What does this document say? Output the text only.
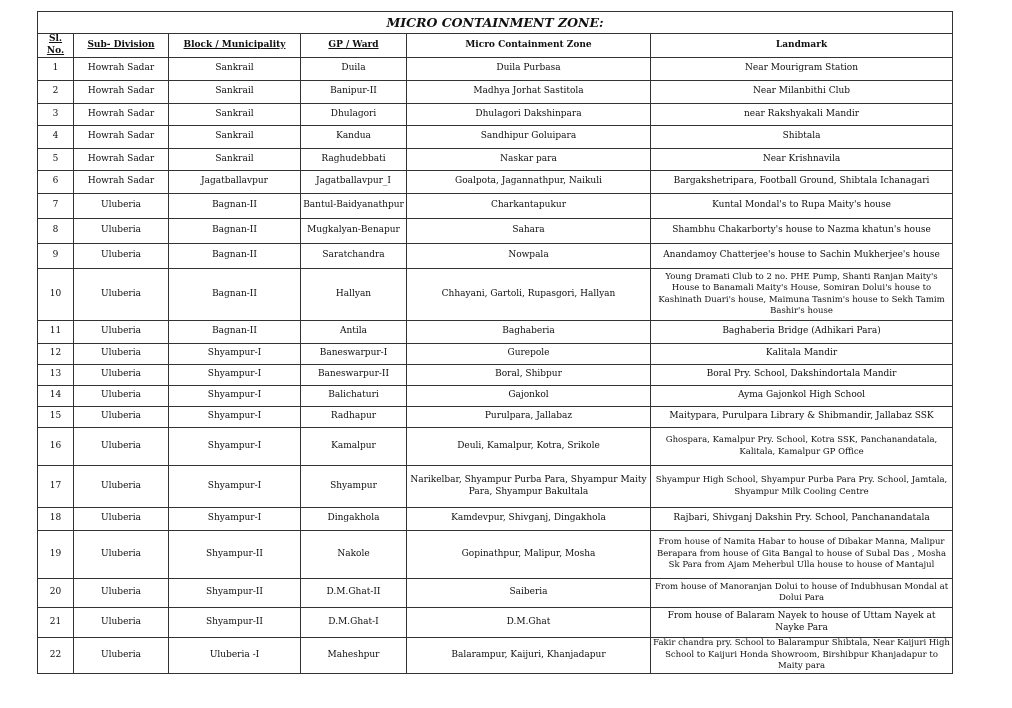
MICRO CONTAINMENT ZONE:					
Sl. No.	Sub- Division	Block / Municipality	GP / Ward	Micro Containment Zone	Landmark
1	Howrah Sadar	Sankrail	Duila	Duila Purbasa	Near Mourigram Station
2	Howrah Sadar	Sankrail	Banipur-II	Madhya Jorhat Sastitola	Near Milanbithi Club
3	Howrah Sadar	Sankrail	Dhulagori	Dhulagori Dakshinpara	near Rakshyakali Mandir
4	Howrah Sadar	Sankrail	Kandua	Sandhipur Goluipara	Shibtala
5	Howrah Sadar	Sankrail	Raghudebbati	Naskar para	Near Krishnavila
6	Howrah Sadar	Jagatballavpur	Jagatballavpur_I	Goalpota, Jagannathpur, Naikuli	Bargakshetripara, Football Ground, Shibtala Ichanagari
7	Uluberia	Bagnan-II	Bantul-Baidyanathpur	Charkantapukur	Kuntal Mondal's to Rupa Maity's house
8	Uluberia	Bagnan-II	Mugkalyan-Benapur	Sahara	Shambhu Chakarborty's house to Nazma khatun's house
9	Uluberia	Bagnan-II	Saratchandra	Nowpala	Anandamoy Chatterjee's house to Sachin Mukherjee's house
10	Uluberia	Bagnan-II	Hallyan	Chhayani, Gartoli, Rupasgori, Hallyan	Young Dramati Club to 2 no. PHE Pump, Shanti Ranjan Maity's House to Banamali Maity's House, Somiran Dolui's house to Kashinath Duari's house, Maimuna Tasnim's house to Sekh Tamim Bashir's house
11	Uluberia	Bagnan-II	Antila	Baghaberia	Baghaberia Bridge (Adhikari Para)
12	Uluberia	Shyampur-I	Baneswarpur-I	Gurepole	Kalitala Mandir
13	Uluberia	Shyampur-I	Baneswarpur-II	Boral, Shibpur	Boral Pry. School, Dakshindortala Mandir
14	Uluberia	Shyampur-I	Balichaturi	Gajonkol	Ayma Gajonkol High School
15	Uluberia	Shyampur-I	Radhapur	Purulpara, Jallabaz	Maitypara, Purulpara Library & Shibmandir, Jallabaz SSK
16	Uluberia	Shyampur-I	Kamalpur	Deuli, Kamalpur, Kotra, Srikole	Ghospara, Kamalpur Pry. School, Kotra SSK, Panchanandatala, Kalitala, Kamalpur GP Office
17	Uluberia	Shyampur-I	Shyampur	Narikelbar, Shyampur Purba Para, Shyampur Maity Para, Shyampur Bakultala	Shyampur High School, Shyampur Purba Para Pry. School, Jamtala, Shyampur Milk Cooling Centre
18	Uluberia	Shyampur-I	Dingakhola	Kamdevpur, Shivganj, Dingakhola	Rajbari, Shivganj Dakshin Pry. School, Panchanandatala
19	Uluberia	Shyampur-II	Nakole	Gopinathpur, Malipur, Mosha	From house of Namita Habar to house of Dibakar Manna, Malipur Berapara from house of Gita Bangal to house of Subal Das , Mosha Sk Para from Ajam Meherbul Ulla house to house of Mantajul
20	Uluberia	Shyampur-II	D.M.Ghat-II	Saiberia	From house of Manoranjan Dolui to house of Indubhusan Mondal at Dolui Para
21	Uluberia	Shyampur-II	D.M.Ghat-I	D.M.Ghat	From house of Balaram Nayek to house of Uttam Nayek at Nayke Para
22	Uluberia	Uluberia -I	Maheshpur	Balarampur, Kaijuri, Khanjadapur	Fakir chandra pry. School to Balarampur Shibtala, Near Kaijuri High School to Kaijuri Honda Showroom, Birshibpur Khanjadapur to Maity para
